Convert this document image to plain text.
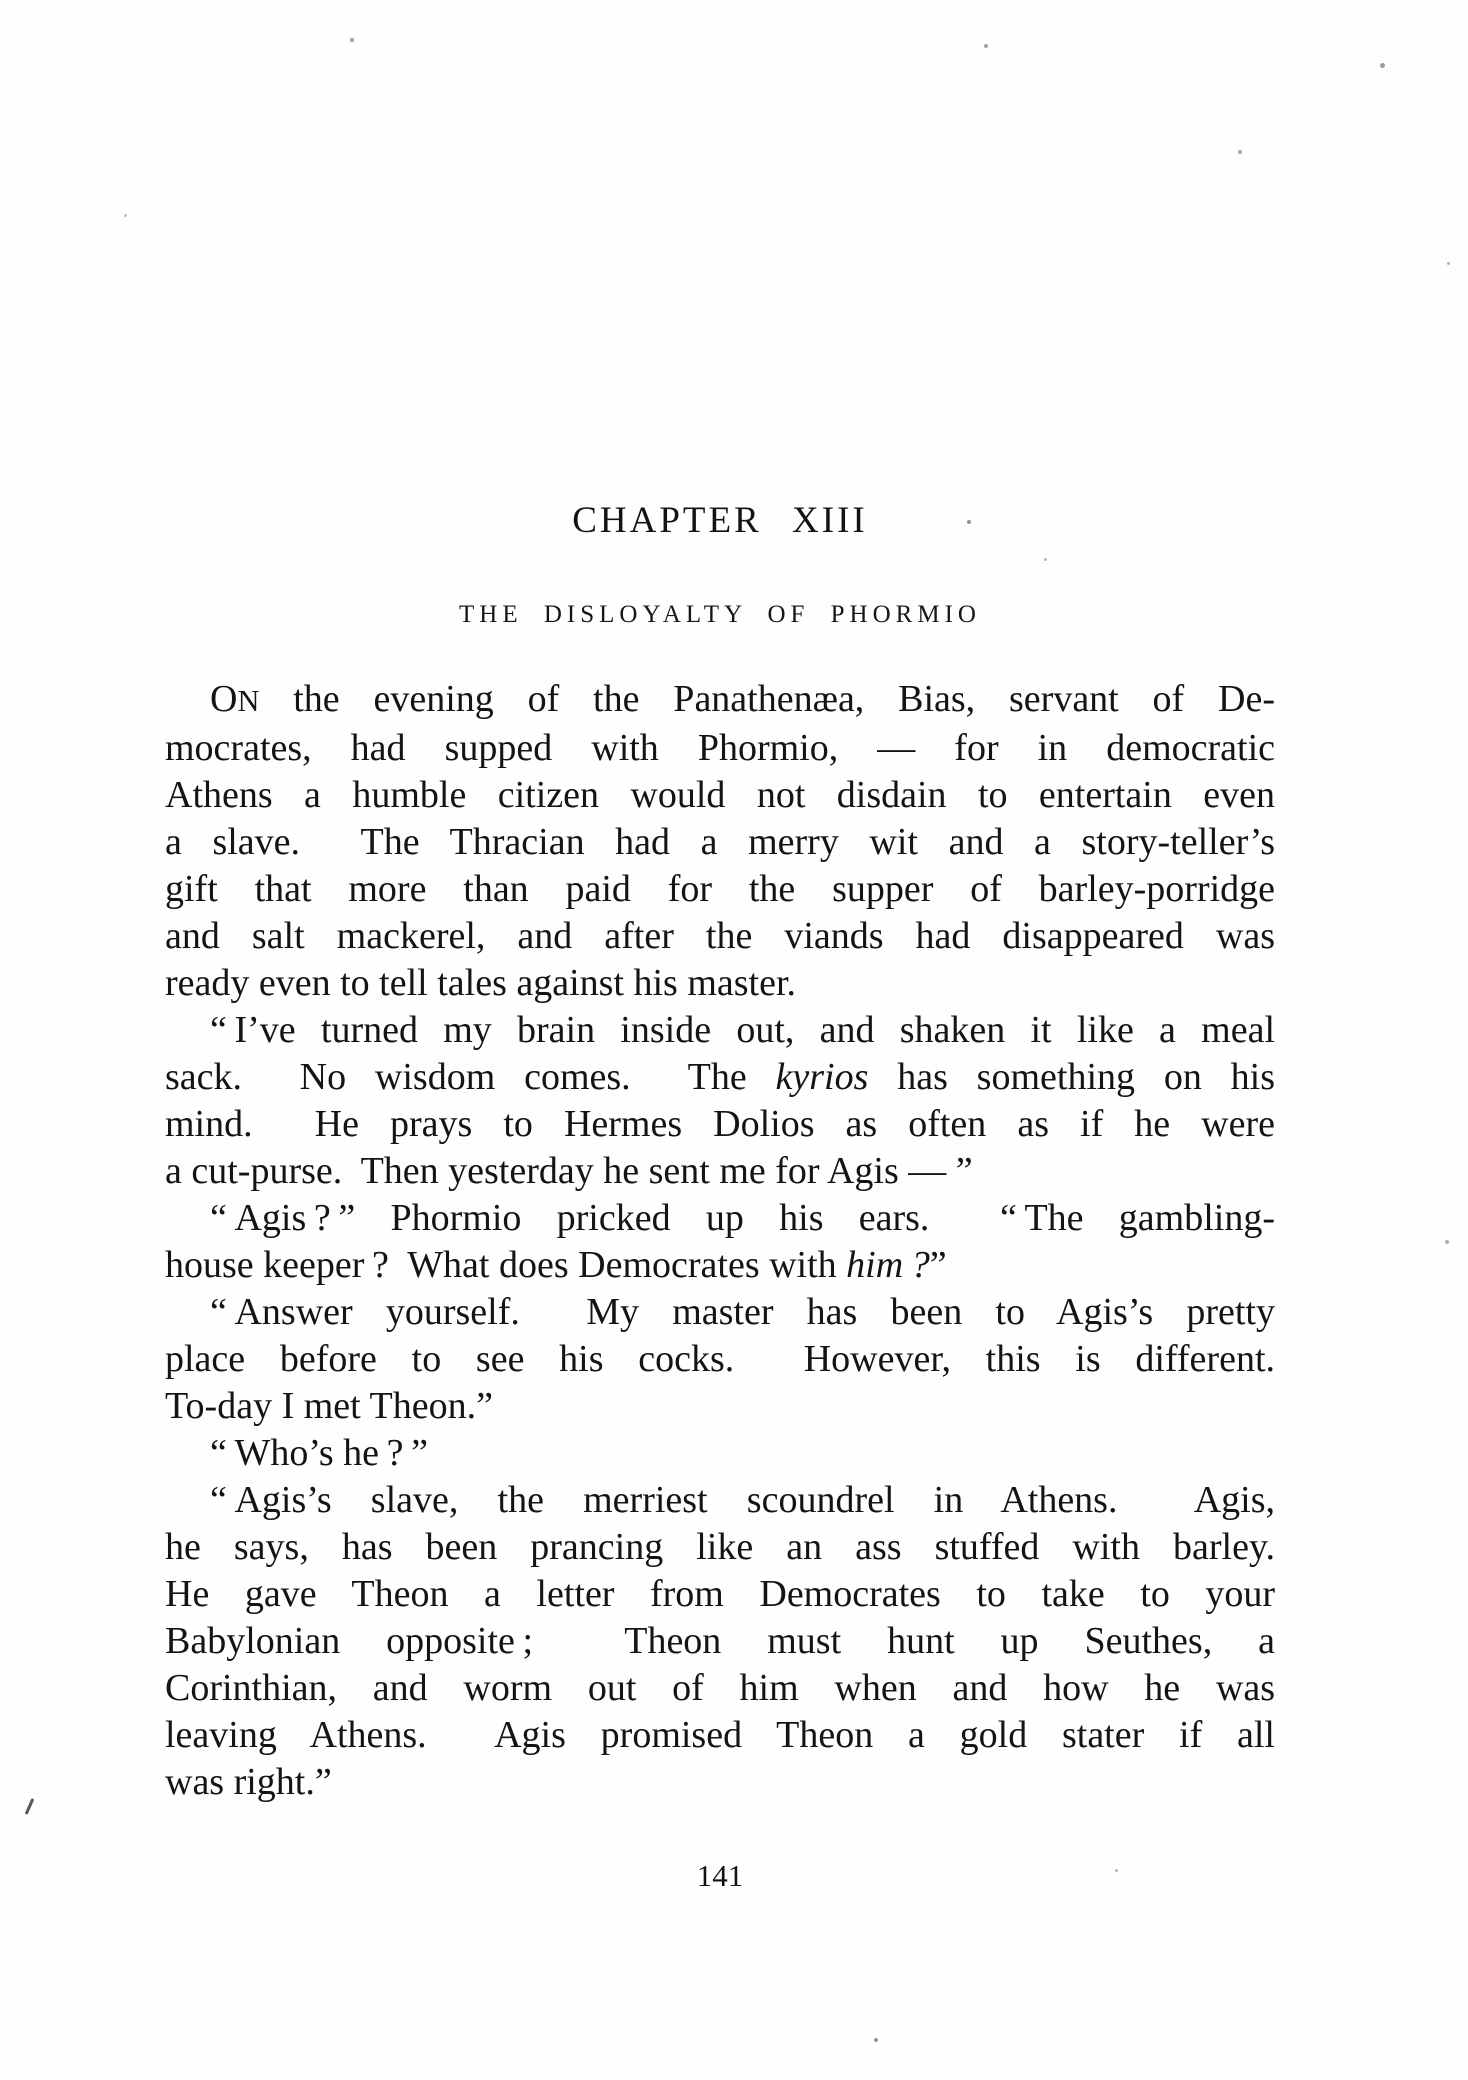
CHAPTER XIII
THE DISLOYALTY OF PHORMIO
ON the evening of the Panathenæa, Bias, servant of De-
mocrates, had supped with Phormio, — for in democratic
Athens a humble citizen would not disdain to entertain even
a slave.  The Thracian had a merry wit and a story-teller’s
gift that more than paid for the supper of barley-porridge
and salt mackerel, and after the viands had disappeared was
ready even to tell tales against his master.
“ I’ve turned my brain inside out, and shaken it like a meal
sack.  No wisdom comes.  The kyrios has something on his
mind.  He prays to Hermes Dolios as often as if he were
a cut-purse.  Then yesterday he sent me for Agis — ”
“ Agis ? ” Phormio pricked up his ears.  “ The gambling-
house keeper ?  What does Democrates with him ?”
“ Answer yourself.  My master has been to Agis’s pretty
place before to see his cocks.  However, this is different.
To-day I met Theon.”
“ Who’s he ? ”
“ Agis’s slave, the merriest scoundrel in Athens.  Agis,
he says, has been prancing like an ass stuffed with barley.
He gave Theon a letter from Democrates to take to your
Babylonian opposite ;  Theon must hunt up Seuthes, a
Corinthian, and worm out of him when and how he was
leaving Athens.  Agis promised Theon a gold stater if all
was right.”
141
